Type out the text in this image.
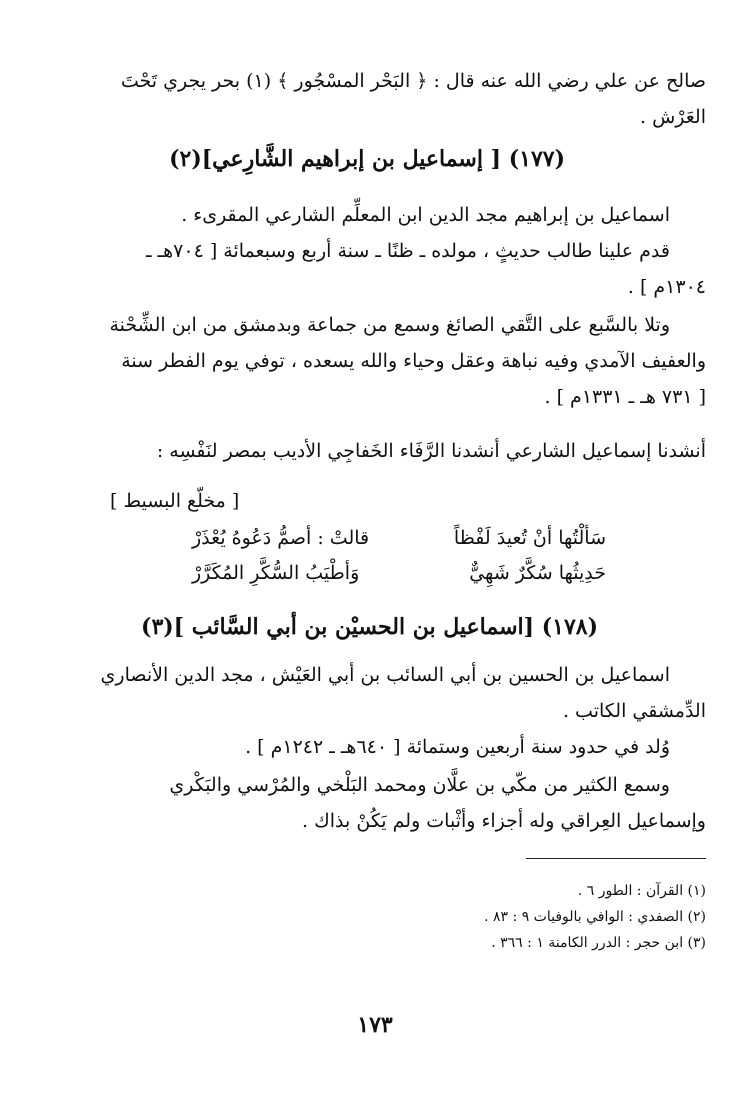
صالح عن علي رضي الله عنه قال : ﴿ البَحْر المسْجُور ﴾ (١) بحر يجري تَحْتَ
العَرْش .
(١٧٧) [ إسماعيل بن إبراهيم الشَّارِعي](٢)
اسماعيل بن إبراهيم مجد الدين ابن المعلِّم الشارعي المقرىء .
قدم علينا طالب حديثٍ ، مولده ـ ظنًا ـ سنة أربع وسبعمائة [ ٧٠٤هـ ـ
١٣٠٤م ] .
وتلا بالسَّبع على التَّقي الصائغ وسمع من جماعة وبدمشق من ابن الشِّحْنة
والعفيف الآمدي وفيه نباهة وعقل وحياء والله يسعده ، توفي يوم الفطر سنة
[ ٧٣١ هـ ـ ١٣٣١م ] .
أنشدنا إسماعيل الشارعي أنشدنا الرَّفَاء الخَفاجِي الأديب بمصر لنَفْسِه :
[ مخلّع البسيط ]
سَألْتُها أنْ تُعيدَ لَفْظاً
قالتْ : أصمُّ دَعُوهُ يُعْذَرْ
حَدِيثُها سُكَّرٌ شَهِيٌّ
وَأطْيَبُ السُّكَّرِ المُكَرَّرْ
(١٧٨) [اسماعيل بن الحسيْن بن أبي السَّائب ](٣)
اسماعيل بن الحسين بن أبي السائب بن أبي العَيْش ، مجد الدين الأنصاري
الدِّمشقي الكاتب .
وُلد في حدود سنة أربعين وستمائة [ ٦٤٠هـ ـ ١٢٤٢م ] .
وسمع الكثير من مكّي بن علَّان ومحمد البَلْخي والمُرْسي والبَكْري
وإسماعيل العِراقي وله أجزاء وأثْبات ولم يَكُنْ بذاك .
(١) القرآن : الطور ٦ .
(٢) الصفدي : الوافي بالوفيات ٩ : ٨٣ .
(٣) ابن حجر : الدرر الكامنة ١ : ٣٦٦ .
١٧٣
